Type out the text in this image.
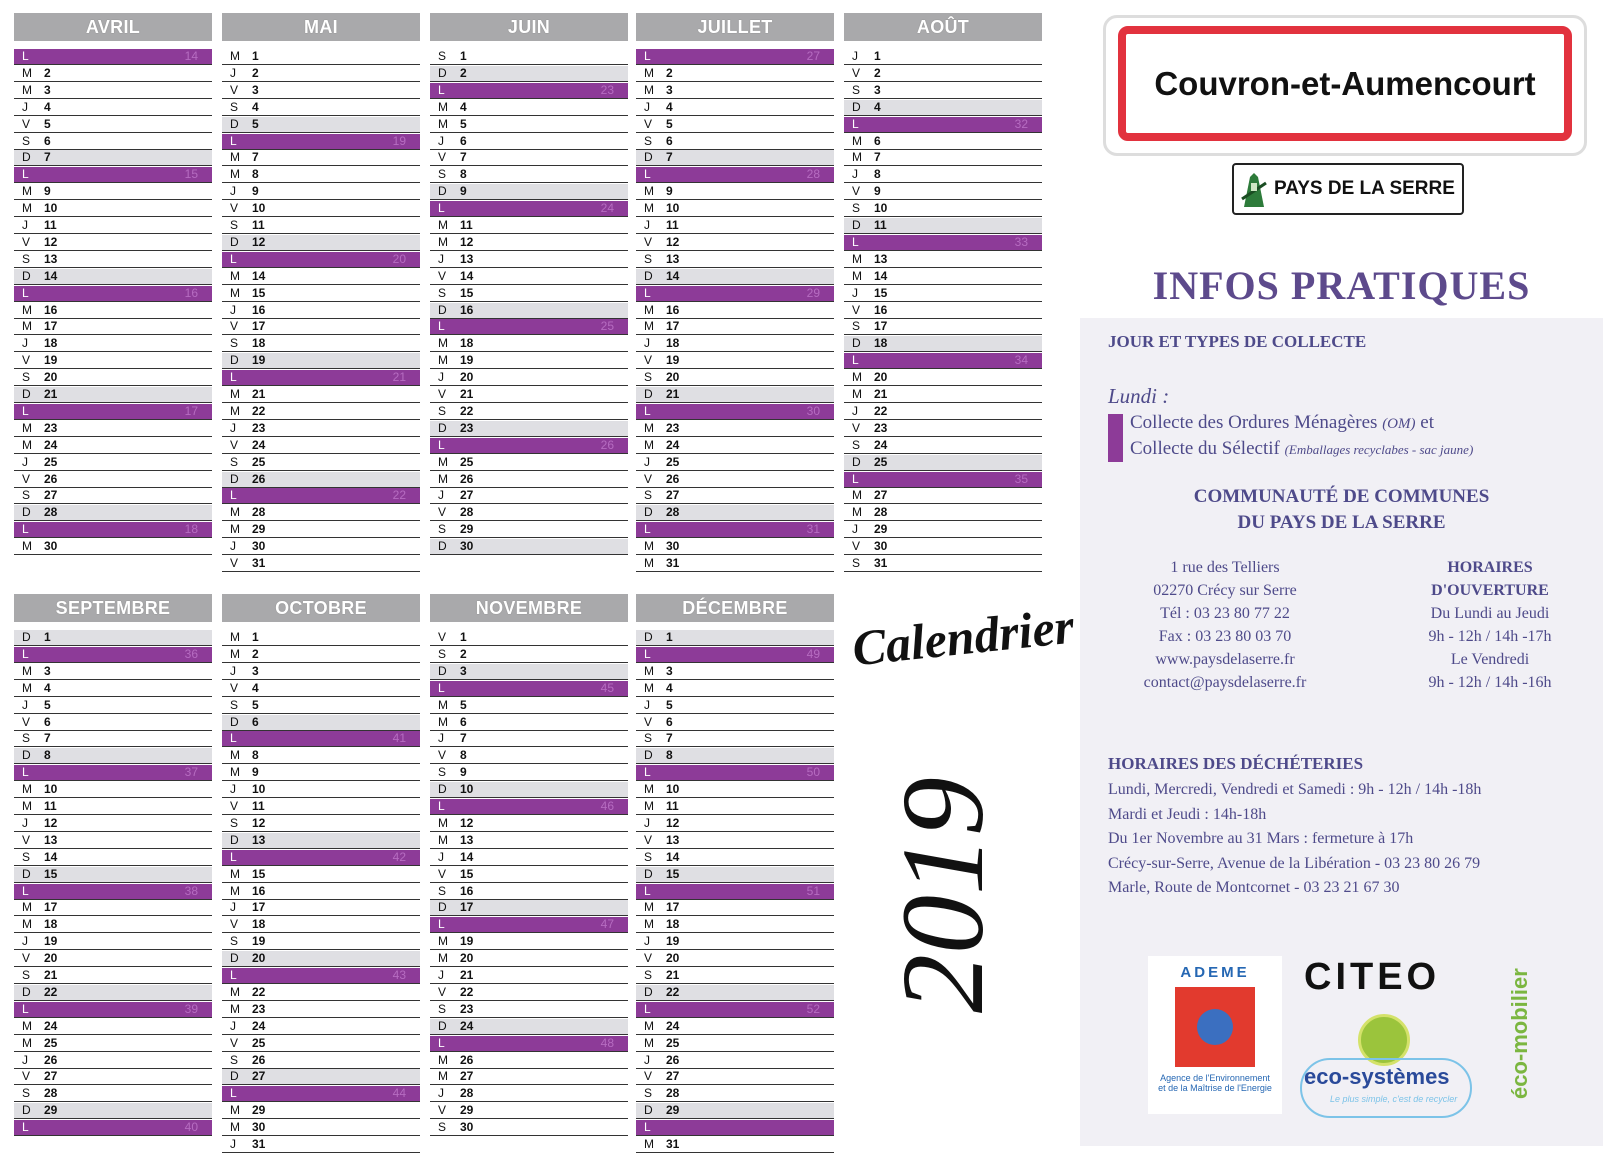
AVRIL
L	14
M 2
M 3
J 4
V 5
S 6
D 7
L	15
M 9
M 10
J 11
V 12
S 13
D 14
L	16
M 16
M 17
J 18
V 19
S 20
D 21
L	17
M 23
M 24
J 25
V 26
S 27
D 28
L	18
M 30
MAI
M 1
J 2
V 3
S 4
D 5
L	19
M 7
M 8
J 9
V 10
S 11
D 12
L	20
M 14
M 15
J 16
V 17
S 18
D 19
L	21
M 21
M 22
J 23
V 24
S 25
D 26
L	22
M 28
M 29
J 30
V 31
JUIN
S 1
D 2
L	23
M 4
M 5
J 6
V 7
S 8
D 9
L	24
M 11
M 12
J 13
V 14
S 15
D 16
L	25
M 18
M 19
J 20
V 21
S 22
D 23
L	26
M 25
M 26
J 27
V 28
S 29
D 30
JUILLET
L	27
M 2
M 3
J 4
V 5
S 6
D 7
L	28
M 9
M 10
J 11
V 12
S 13
D 14
L	29
M 16
M 17
J 18
V 19
S 20
D 21
L	30
M 23
M 24
J 25
V 26
S 27
D 28
L	31
M 30
M 31
AOÛT
J 1
V 2
S 3
D 4
L	32
M 6
M 7
J 8
V 9
S 10
D 11
L	33
M 13
M 14
J 15
V 16
S 17
D 18
L	34
M 20
M 21
J 22
V 23
S 24
D 25
L	35
M 27
M 28
J 29
V 30
S 31
SEPTEMBRE
D 1
L	36
M 3
M 4
J 5
V 6
S 7
D 8
L	37
M 10
M 11
J 12
V 13
S 14
D 15
L	38
M 17
M 18
J 19
V 20
S 21
D 22
L	39
M 24
M 25
J 26
V 27
S 28
D 29
L	40
OCTOBRE
M 1
M 2
J 3
V 4
S 5
D 6
L	41
M 8
M 9
J 10
V 11
S 12
D 13
L	42
M 15
M 16
J 17
V 18
S 19
D 20
L	43
M 22
M 23
J 24
V 25
S 26
D 27
L	44
M 29
M 30
J 31
NOVEMBRE
V 1
S 2
D 3
L	45
M 5
M 6
J 7
V 8
S 9
D 10
L	46
M 12
M 13
J 14
V 15
S 16
D 17
L	47
M 19
M 20
J 21
V 22
S 23
D 24
L	48
M 26
M 27
J 28
V 29
S 30
DÉCEMBRE
D 1
L	49
M 3
M 4
J 5
V 6
S 7
D 8
L	50
M 10
M 11
J 12
V 13
S 14
D 15
L	51
M 17
M 18
J 19
V 20
S 21
D 22
L	52
M 24
M 25
J 26
V 27
S 28
D 29
L
M 31
Couvron-et-Aumencourt
PAYS DE LA SERRE
INFOS PRATIQUES
JOUR ET TYPES DE COLLECTE
Lundi :
Collecte des Ordures Ménagères (OM) et
Collecte du Sélectif (Emballages recyclabes - sac jaune)
COMMUNAUTÉ DE COMMUNES
DU PAYS DE LA SERRE
1 rue des Telliers
02270 Crécy sur Serre
Tél : 03 23 80 77 22
Fax : 03 23 80 03 70
www.paysdelaserre.fr
contact@paysdelaserre.fr
HORAIRES
D'OUVERTURE
Du Lundi au Jeudi
9h - 12h / 14h -17h
Le Vendredi
9h - 12h / 14h -16h
HORAIRES DES DÉCHÉTERIES
Lundi, Mercredi, Vendredi et Samedi : 9h - 12h / 14h -18h
Mardi et Jeudi : 14h-18h
Du 1er Novembre au 31 Mars : fermeture à 17h
Crécy-sur-Serre, Avenue de la Libération - 03 23 80 26 79
Marle, Route de Montcornet - 03 23 21 67 30
Calendrier
2019	ADEME
Agence de l'Environnement
et de la Maîtrise de l'Energie
CITEO
eco-systèmes
Le plus simple, c'est de recycler éco-mobilier
